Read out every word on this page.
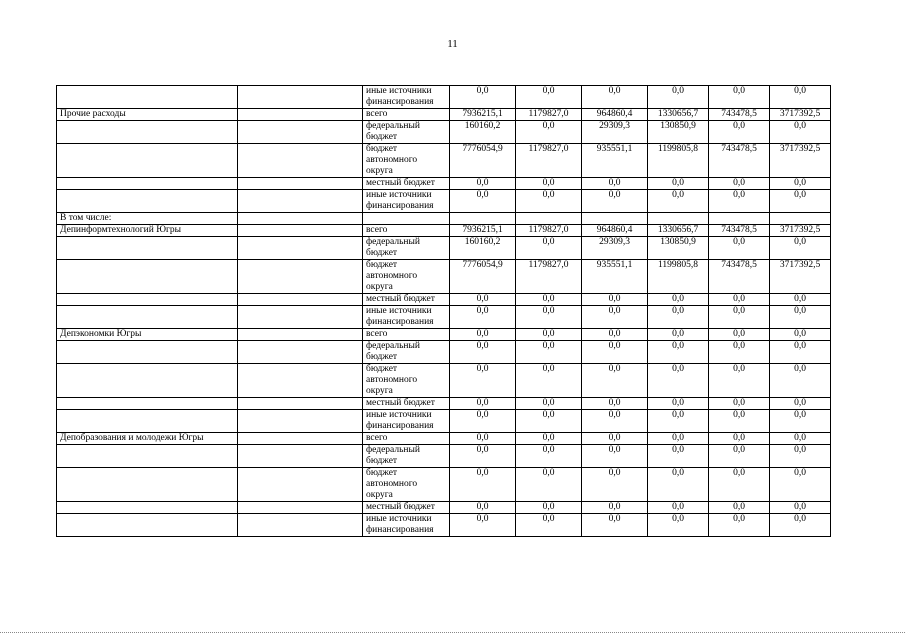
11
		иные источники финансирования	0,0	0,0	0,0	0,0	0,0	0,0
Прочие расходы		всего	7936215,1	1179827,0	964860,4	1330656,7	743478,5	3717392,5
		федеральный бюджет	160160,2	0,0	29309,3	130850,9	0,0	0,0
		бюджет автономного округа	7776054,9	1179827,0	935551,1	1199805,8	743478,5	3717392,5
		местный бюджет	0,0	0,0	0,0	0,0	0,0	0,0
		иные источники финансирования	0,0	0,0	0,0	0,0	0,0	0,0
В том числе:								
Депинформтехнологий Югры		всего	7936215,1	1179827,0	964860,4	1330656,7	743478,5	3717392,5
		федеральный бюджет	160160,2	0,0	29309,3	130850,9	0,0	0,0
		бюджет автономного округа	7776054,9	1179827,0	935551,1	1199805,8	743478,5	3717392,5
		местный бюджет	0,0	0,0	0,0	0,0	0,0	0,0
		иные источники финансирования	0,0	0,0	0,0	0,0	0,0	0,0
Депэкономки Югры		всего	0,0	0,0	0,0	0,0	0,0	0,0
		федеральный бюджет	0,0	0,0	0,0	0,0	0,0	0,0
		бюджет автономного округа	0,0	0,0	0,0	0,0	0,0	0,0
		местный бюджет	0,0	0,0	0,0	0,0	0,0	0,0
		иные источники финансирования	0,0	0,0	0,0	0,0	0,0	0,0
Депобразования и молодежи Югры		всего	0,0	0,0	0,0	0,0	0,0	0,0
		федеральный бюджет	0,0	0,0	0,0	0,0	0,0	0,0
		бюджет автономного округа	0,0	0,0	0,0	0,0	0,0	0,0
		местный бюджет	0,0	0,0	0,0	0,0	0,0	0,0
		иные источники финансирования	0,0	0,0	0,0	0,0	0,0	0,0
